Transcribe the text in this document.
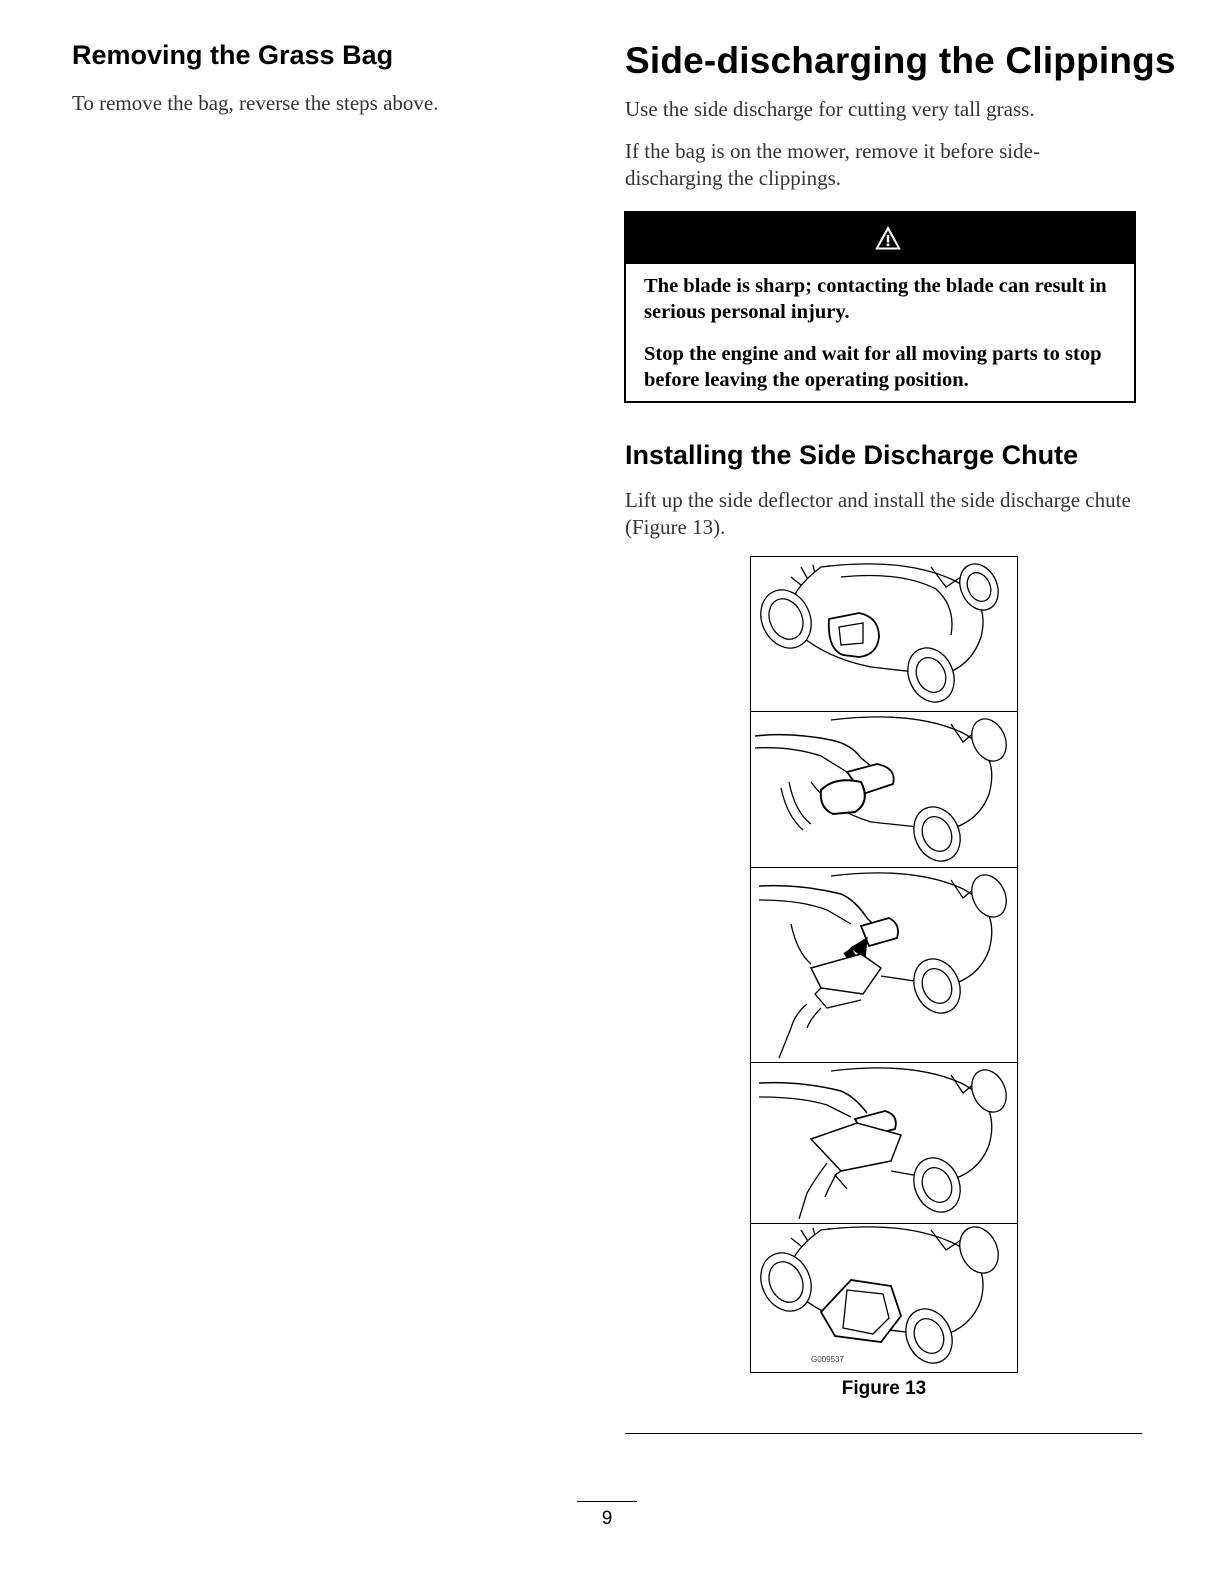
Removing the Grass Bag

To remove the bag, reverse the steps above.

Side-discharging the Clippings

Use the side discharge for cutting very tall grass.

If the bag is on the mower, remove it before side-discharging the clippings.

The blade is sharp; contacting the blade can result in serious personal injury.

Stop the engine and wait for all moving parts to stop before leaving the operating position.

Installing the Side Discharge Chute

Lift up the side deflector and install the side discharge chute (Figure 13).

G009537
Figure 13
9
